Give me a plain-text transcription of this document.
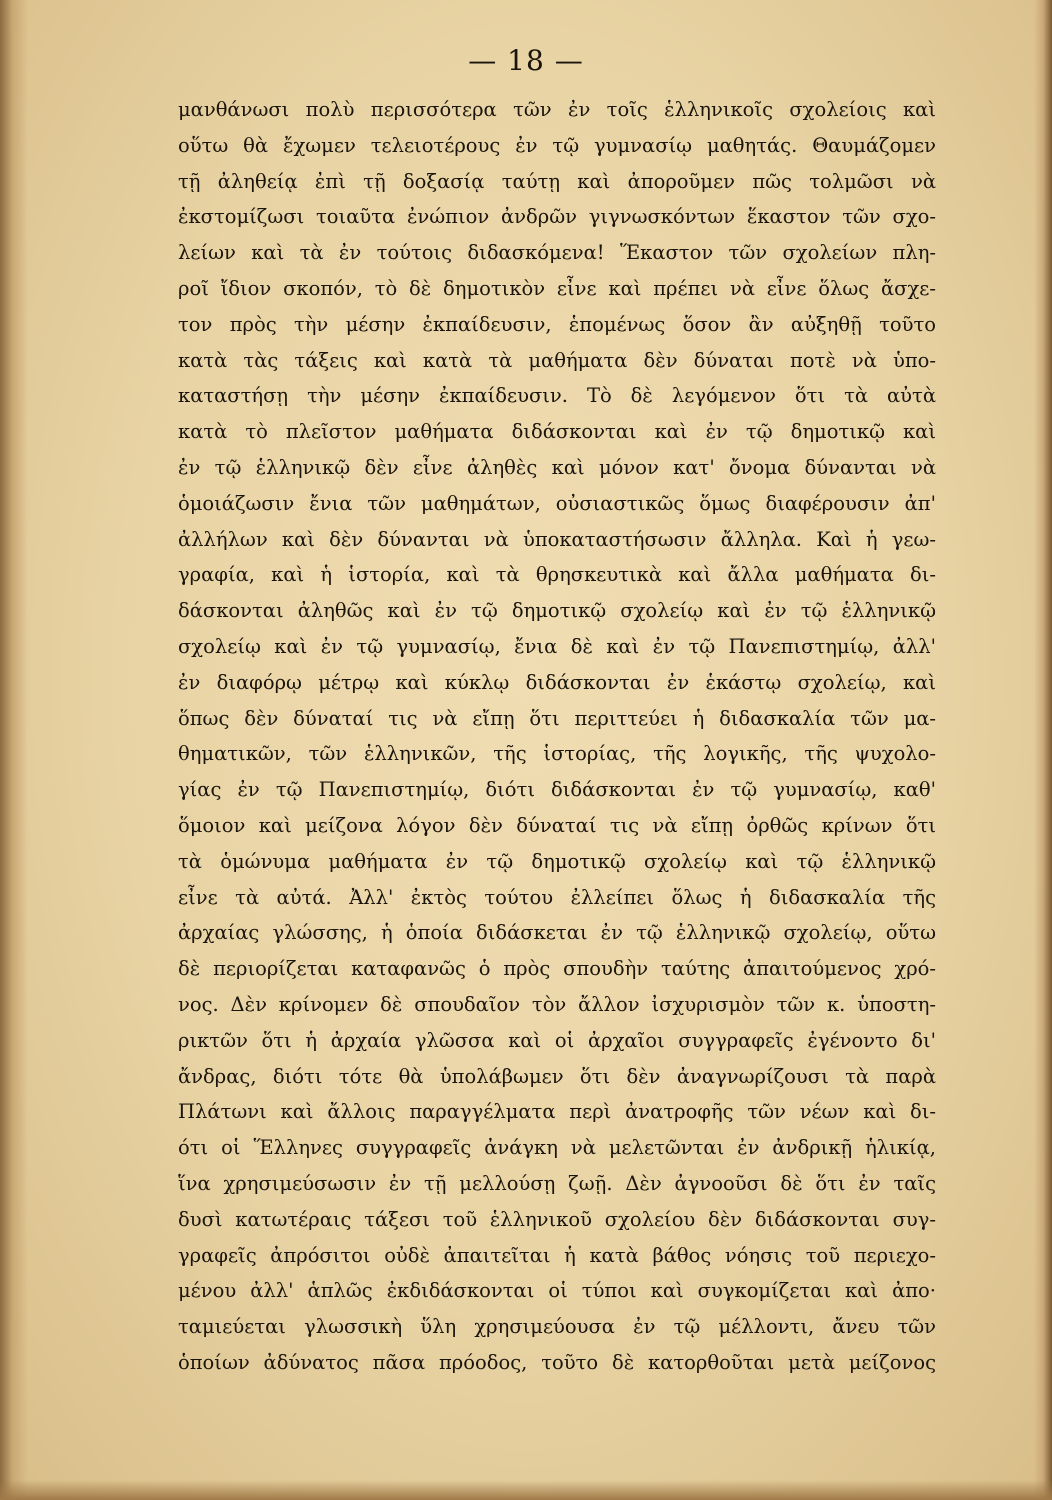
— 18 —
μανθάνωσι πολὺ περισσότερα τῶν ἐν τοῖς ἑλληνικοῖς σχολείοις καὶ
οὕτω θὰ ἔχωμεν τελειοτέρους ἐν τῷ γυμνασίῳ μαθητάς. Θαυμάζομεν
τῇ ἀληθείᾳ ἐπὶ τῇ δοξασίᾳ ταύτῃ καὶ ἀποροῦμεν πῶς τολμῶσι νὰ
ἐκστομίζωσι τοιαῦτα ἐνώπιον ἀνδρῶν γιγνωσκόντων ἕκαστον τῶν σχο-
λείων καὶ τὰ ἐν τούτοις διδασκόμενα! Ἕκαστον τῶν σχολείων πλη-
ροῖ ἴδιον σκοπόν, τὸ δὲ δημοτικὸν εἶνε καὶ πρέπει νὰ εἶνε ὅλως ἄσχε-
τον πρὸς τὴν μέσην ἐκπαίδευσιν, ἑπομένως ὅσον ἂν αὐξηθῇ τοῦτο
κατὰ τὰς τάξεις καὶ κατὰ τὰ μαθήματα δὲν δύναται ποτὲ νὰ ὑπο-
καταστήσῃ τὴν μέσην ἐκπαίδευσιν. Τὸ δὲ λεγόμενον ὅτι τὰ αὐτὰ
κατὰ τὸ πλεῖστον μαθήματα διδάσκονται καὶ ἐν τῷ δημοτικῷ καὶ
ἐν τῷ ἑλληνικῷ δὲν εἶνε ἀληθὲς καὶ μόνον κατ' ὄνομα δύνανται νὰ
ὁμοιάζωσιν ἔνια τῶν μαθημάτων, οὐσιαστικῶς ὅμως διαφέρουσιν ἀπ'
ἀλλήλων καὶ δὲν δύνανται νὰ ὑποκαταστήσωσιν ἄλληλα. Καὶ ἡ γεω-
γραφία, καὶ ἡ ἱστορία, καὶ τὰ θρησκευτικὰ καὶ ἄλλα μαθήματα δι-
δάσκονται ἀληθῶς καὶ ἐν τῷ δημοτικῷ σχολείῳ καὶ ἐν τῷ ἑλληνικῷ
σχολείῳ καὶ ἐν τῷ γυμνασίῳ, ἔνια δὲ καὶ ἐν τῷ Πανεπιστημίῳ, ἀλλ'
ἐν διαφόρῳ μέτρῳ καὶ κύκλῳ διδάσκονται ἐν ἑκάστῳ σχολείῳ, καὶ
ὅπως δὲν δύναταί τις νὰ εἴπῃ ὅτι περιττεύει ἡ διδασκαλία τῶν μα-
θηματικῶν, τῶν ἑλληνικῶν, τῆς ἱστορίας, τῆς λογικῆς, τῆς ψυχολο-
γίας ἐν τῷ Πανεπιστημίῳ, διότι διδάσκονται ἐν τῷ γυμνασίῳ, καθ'
ὅμοιον καὶ μείζονα λόγον δὲν δύναταί τις νὰ εἴπῃ ὀρθῶς κρίνων ὅτι
τὰ ὁμώνυμα μαθήματα ἐν τῷ δημοτικῷ σχολείῳ καὶ τῷ ἑλληνικῷ
εἶνε τὰ αὐτά. Ἀλλ' ἐκτὸς τούτου ἐλλείπει ὅλως ἡ διδασκαλία τῆς
ἀρχαίας γλώσσης, ἡ ὁποία διδάσκεται ἐν τῷ ἑλληνικῷ σχολείῳ, οὕτω
δὲ περιορίζεται καταφανῶς ὁ πρὸς σπουδὴν ταύτης ἀπαιτούμενος χρό-
νος. Δὲν κρίνομεν δὲ σπουδαῖον τὸν ἄλλον ἰσχυρισμὸν τῶν κ. ὑποστη-
ρικτῶν ὅτι ἡ ἀρχαία γλῶσσα καὶ οἱ ἀρχαῖοι συγγραφεῖς ἐγένοντο δι'
ἄνδρας, διότι τότε θὰ ὑπολάβωμεν ὅτι δὲν ἀναγνωρίζουσι τὰ παρὰ
Πλάτωνι καὶ ἄλλοις παραγγέλματα περὶ ἀνατροφῆς τῶν νέων καὶ δι-
ότι οἱ Ἕλληνες συγγραφεῖς ἀνάγκη νὰ μελετῶνται ἐν ἀνδρικῇ ἡλικίᾳ,
ἵνα χρησιμεύσωσιν ἐν τῇ μελλούσῃ ζωῇ. Δὲν ἀγνοοῦσι δὲ ὅτι ἐν ταῖς
δυσὶ κατωτέραις τάξεσι τοῦ ἑλληνικοῦ σχολείου δὲν διδάσκονται συγ-
γραφεῖς ἀπρόσιτοι οὐδὲ ἀπαιτεῖται ἡ κατὰ βάθος νόησις τοῦ περιεχο-
μένου ἀλλ' ἁπλῶς ἐκδιδάσκονται οἱ τύποι καὶ συγκομίζεται καὶ ἀπο·
ταμιεύεται γλωσσικὴ ὕλη χρησιμεύουσα ἐν τῷ μέλλοντι, ἄνευ τῶν
ὁποίων ἀδύνατος πᾶσα πρόοδος, τοῦτο δὲ κατορθοῦται μετὰ μείζονος
